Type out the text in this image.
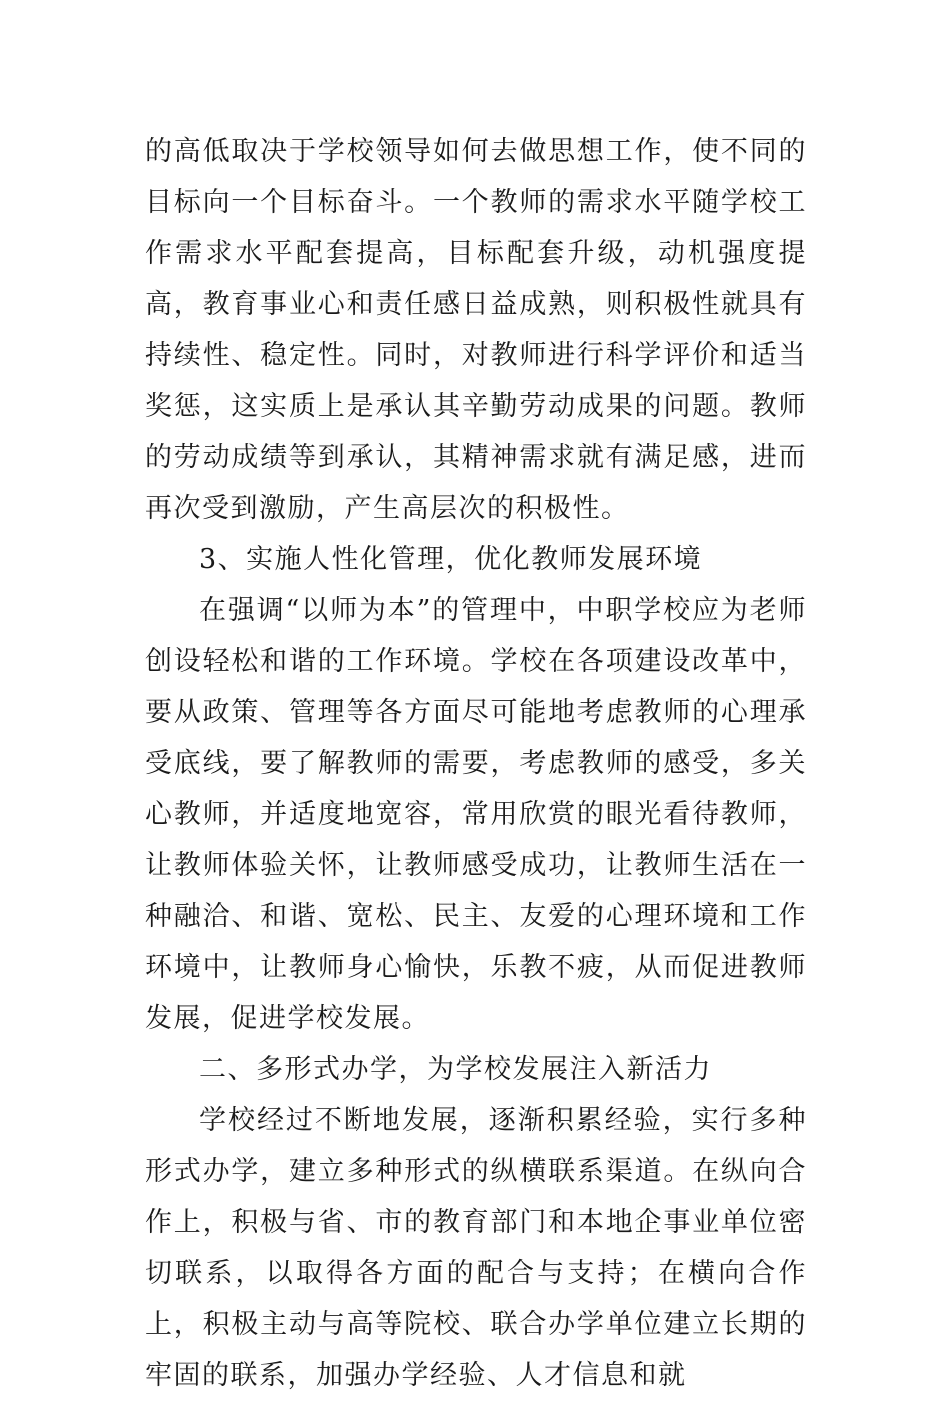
的高低取决于学校领导如何去做思想工作，使不同的目标向一个目标奋斗。一个教师的需求水平随学校工作需求水平配套提高，目标配套升级，动机强度提高，教育事业心和责任感日益成熟，则积极性就具有持续性、稳定性。同时，对教师进行科学评价和适当奖惩，这实质上是承认其辛勤劳动成果的问题。教师的劳动成绩等到承认，其精神需求就有满足感，进而再次受到激励，产生高层次的积极性。

3、实施人性化管理，优化教师发展环境

在强调“以师为本”的管理中，中职学校应为老师创设轻松和谐的工作环境。学校在各项建设改革中，要从政策、管理等各方面尽可能地考虑教师的心理承受底线，要了解教师的需要，考虑教师的感受，多关心教师，并适度地宽容，常用欣赏的眼光看待教师，让教师体验关怀，让教师感受成功，让教师生活在一种融洽、和谐、宽松、民主、友爱的心理环境和工作环境中，让教师身心愉快，乐教不疲，从而促进教师发展，促进学校发展。

二、多形式办学，为学校发展注入新活力

学校经过不断地发展，逐渐积累经验，实行多种形式办学，建立多种形式的纵横联系渠道。在纵向合作上，积极与省、市的教育部门和本地企事业单位密切联系，以取得各方面的配合与支持；在横向合作上，积极主动与高等院校、联合办学单位建立长期的牢固的联系，加强办学经验、人才信息和就
